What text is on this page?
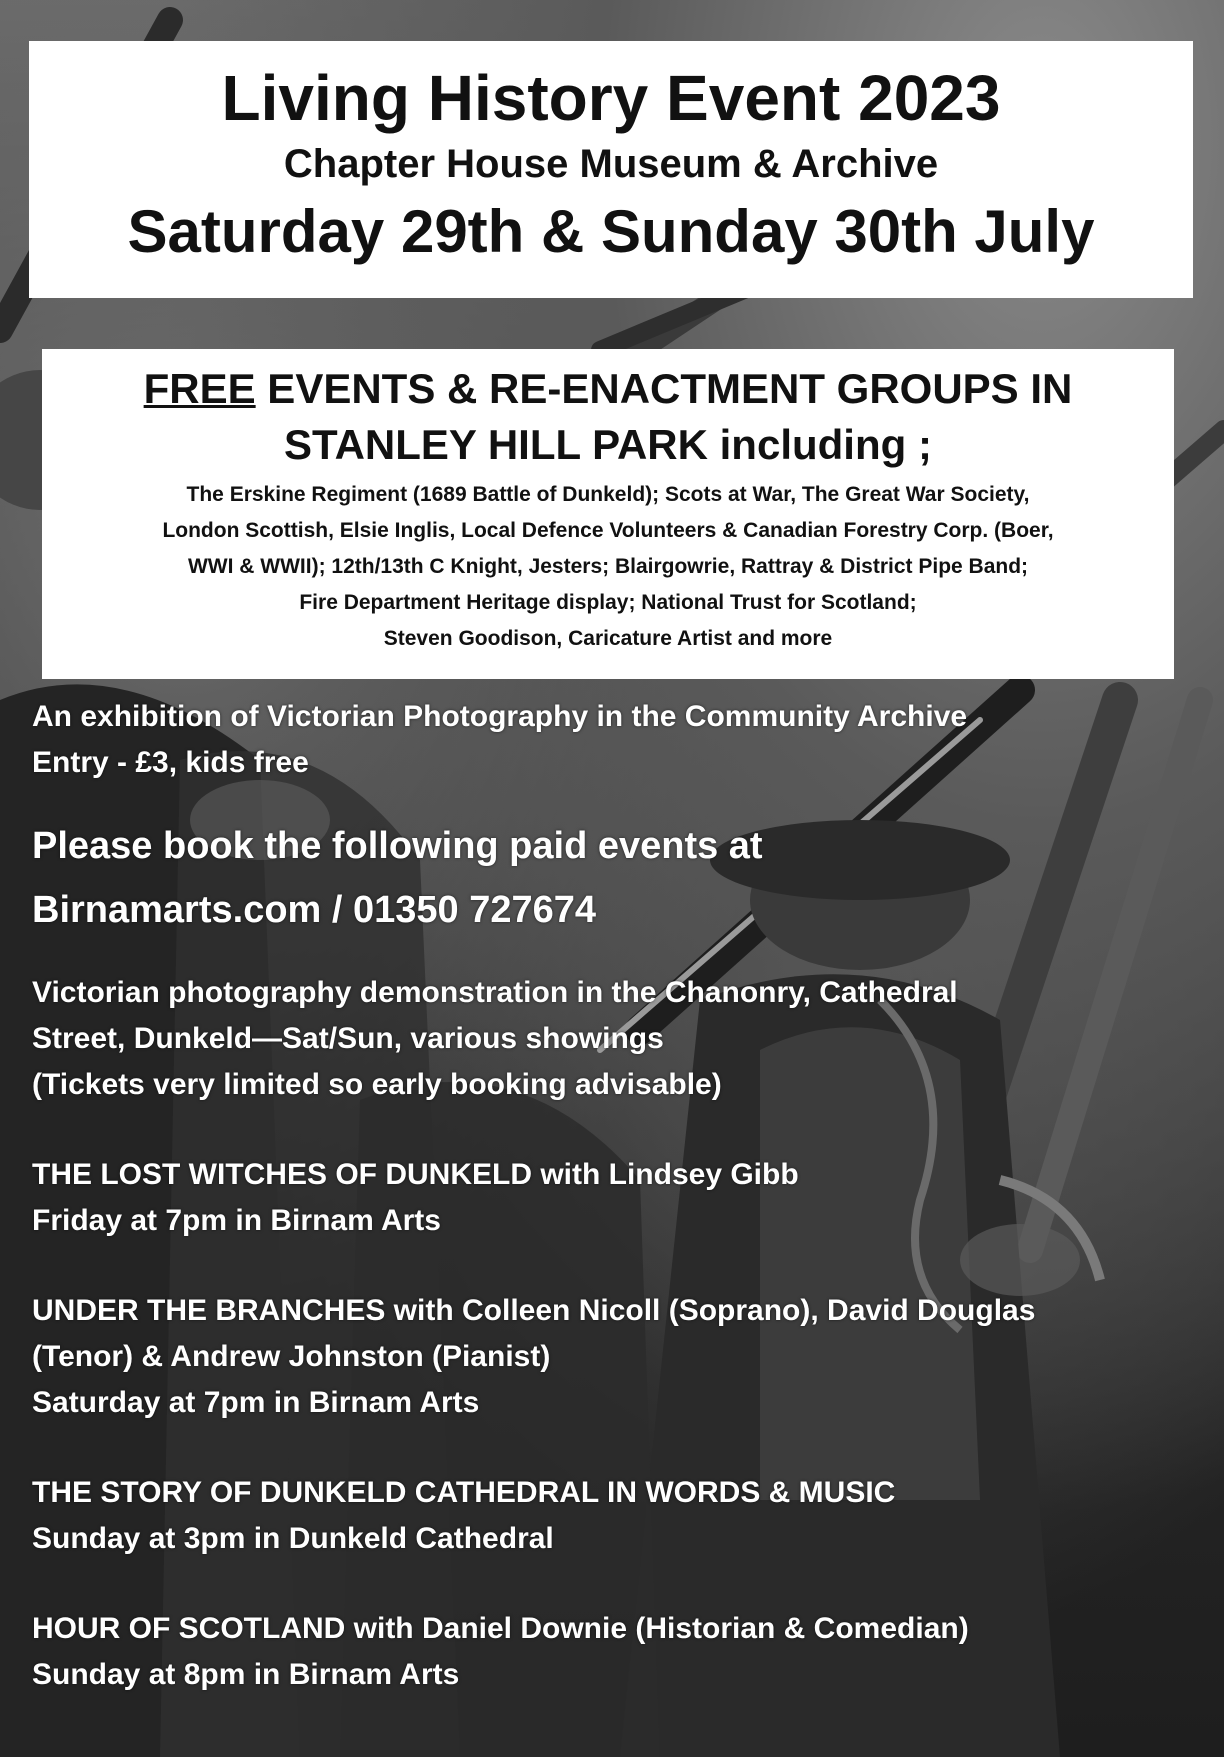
Living History Event 2023
Chapter House Museum & Archive
Saturday 29th & Sunday 30th July
FREE EVENTS & RE-ENACTMENT GROUPS IN
STANLEY HILL PARK including ;
The Erskine Regiment (1689 Battle of Dunkeld); Scots at War, The Great War Society,
London Scottish, Elsie Inglis, Local Defence Volunteers & Canadian Forestry Corp. (Boer,
WWI & WWII); 12th/13th C Knight, Jesters; Blairgowrie, Rattray & District Pipe Band;
Fire Department Heritage display; National Trust for Scotland;
Steven Goodison, Caricature Artist and more
An exhibition of Victorian Photography in the Community Archive
Entry - £3, kids free
Please book the following paid events at
Birnamarts.com / 01350 727674
Victorian photography demonstration in the Chanonry, Cathedral
Street, Dunkeld—Sat/Sun, various showings
(Tickets very limited so early booking advisable)
THE LOST WITCHES OF DUNKELD with Lindsey Gibb
Friday at 7pm in Birnam Arts
UNDER THE BRANCHES with Colleen Nicoll (Soprano), David Douglas
(Tenor) & Andrew Johnston (Pianist)
Saturday at 7pm in Birnam Arts
THE STORY OF DUNKELD CATHEDRAL IN WORDS & MUSIC
Sunday at 3pm in Dunkeld Cathedral
HOUR OF SCOTLAND with Daniel Downie (Historian & Comedian)
Sunday at 8pm in Birnam Arts
